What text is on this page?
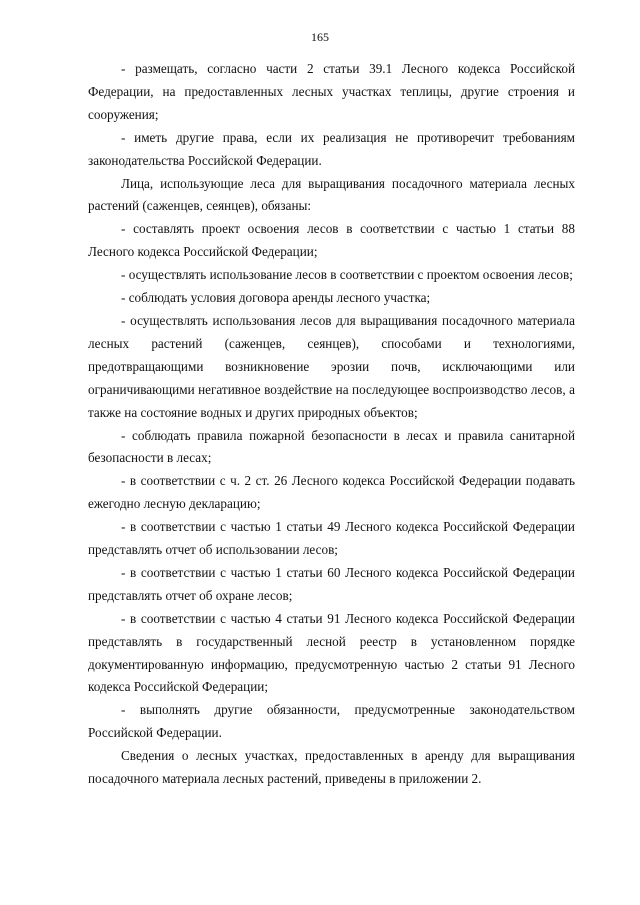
165

- размещать, согласно части 2 статьи 39.1 Лесного кодекса Российской Федерации, на предоставленных лесных участках теплицы, другие строения и сооружения;

- иметь другие права, если их реализация не противоречит требованиям законодательства Российской Федерации.

Лица, использующие леса для выращивания посадочного материала лесных растений (саженцев, сеянцев), обязаны:

- составлять проект освоения лесов в соответствии с частью 1 статьи 88 Лесного кодекса Российской Федерации;

- осуществлять использование лесов в соответствии с проектом освоения лесов;

- соблюдать условия договора аренды лесного участка;

- осуществлять использования лесов для выращивания посадочного материала лесных растений (саженцев, сеянцев), способами и технологиями, предотвращающими возникновение эрозии почв, исключающими или ограничивающими негативное воздействие на последующее воспроизводство лесов, а также на состояние водных и других природных объектов;

- соблюдать правила пожарной безопасности в лесах и правила санитарной безопасности в лесах;

- в соответствии с ч. 2 ст. 26 Лесного кодекса Российской Федерации подавать ежегодно лесную декларацию;

- в соответствии с частью 1 статьи 49 Лесного кодекса Российской Федерации представлять отчет об использовании лесов;

- в соответствии с частью 1 статьи 60 Лесного кодекса Российской Федерации представлять отчет об охране лесов;

- в соответствии с частью 4 статьи 91 Лесного кодекса Российской Федерации представлять в государственный лесной реестр в установленном порядке документированную информацию, предусмотренную частью 2 статьи 91 Лесного кодекса Российской Федерации;

- выполнять другие обязанности, предусмотренные законодательством Российской Федерации.

Сведения о лесных участках, предоставленных в аренду для выращивания посадочного материала лесных растений, приведены в приложении 2.
